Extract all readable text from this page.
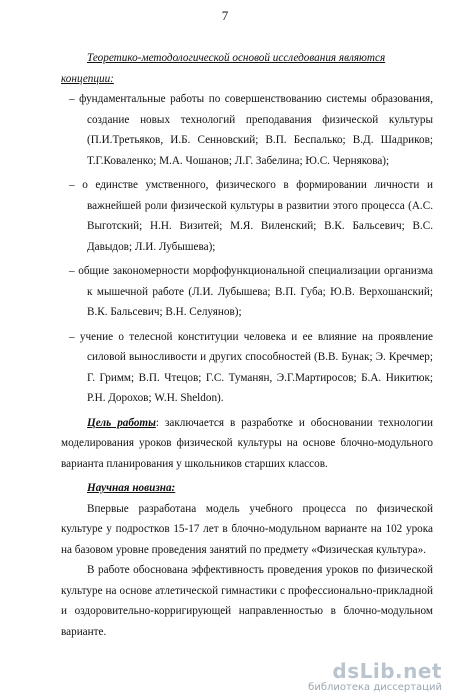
7

Теоретико-методологической основой исследования являются концепции:

– фундаментальные работы по совершенствованию системы образования, создание новых технологий преподавания физической культуры (П.И.Третьяков, И.Б. Сенновский; В.П. Беспалько; В.Д. Шадриков; Т.Г.Коваленко; М.А. Чошанов; Л.Г. Забелина; Ю.С. Чернякова);
– о единстве умственного, физического в формировании личности и важнейшей роли физической культуры в развитии этого процесса (А.С. Выготский; Н.Н. Визитей; М.Я. Виленский; В.К. Бальсевич; В.С. Давыдов; Л.И. Лубышева);
– общие закономерности морфофункциональной специализации организма к мышечной работе (Л.И. Лубышева; В.П. Губа; Ю.В. Верхошанский; В.К. Бальсевич; В.Н. Селуянов);
– учение о телесной конституции человека и ее влияние на проявление силовой выносливости и других способностей (В.В. Бунак; Э. Кречмер; Г. Гримм; В.П. Чтецов; Г.С. Туманян, Э.Г.Мартиросов; Б.А. Никитюк; Р.Н. Дорохов; W.H. Sheldon).

Цель работы: заключается в разработке и обосновании технологии моделирования уроков физической культуры на основе блочно-модульного варианта планирования у школьников старших классов.

Научная новизна:

Впервые разработана модель учебного процесса по физической культуре у подростков 15-17 лет в блочно-модульном варианте на 102 урока на базовом уровне проведения занятий по предмету «Физическая культура».

В работе обоснована эффективность проведения уроков по физической культуре на основе атлетической гимнастики с профессионально-прикладной и оздоровительно-корригирующей направленностью в блочно-модульном варианте.

dsLib.net
библиотека диссертаций
